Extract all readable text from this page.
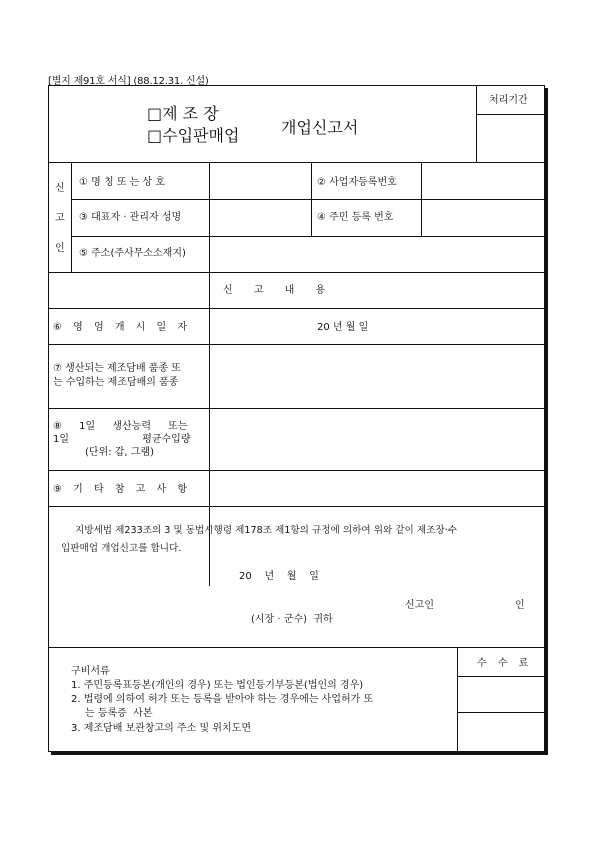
[별지 제91호 서식] (88.12.31. 신설)
□제 조 장
□수입판매업	개업신고서
처리기간
신
고
인
① 명 칭 또 는 상 호	② 사업자등록번호
③ 대표자 · 관리자 성명	④ 주민 등록 번호
⑤ 주소(주사무소소재지)
신 고 내 용
⑥ 영 엄 개 시 일 자	20 년 월 일
⑦ 생산되는 제조담배 품종 또
는 수입하는 제조담배의 품종
⑧ 1일 생산능력 또는
1일 평균수입량
(단위: 갑, 그램)
⑨ 기 타 참 고 사 항
지방세법 제233조의 3 및 동법시행령 제178조 제1항의 규정에 의하여 위와 같이 제조장·수
입판매업 개업신고를 합니다.
20    년    월    일
신고인	인
(시장 · 군수)  귀하
구비서류
1. 주민등록표등본(개인의 경우) 또는 법인등기부등본(법인의 경우)
2. 법령에 의하여 허가 또는 등록을 받아야 하는 경우에는 사업허가 또
는 등록증  사본
3. 제조담배 보관창고의 주소 및 위치도면
수 수 료
